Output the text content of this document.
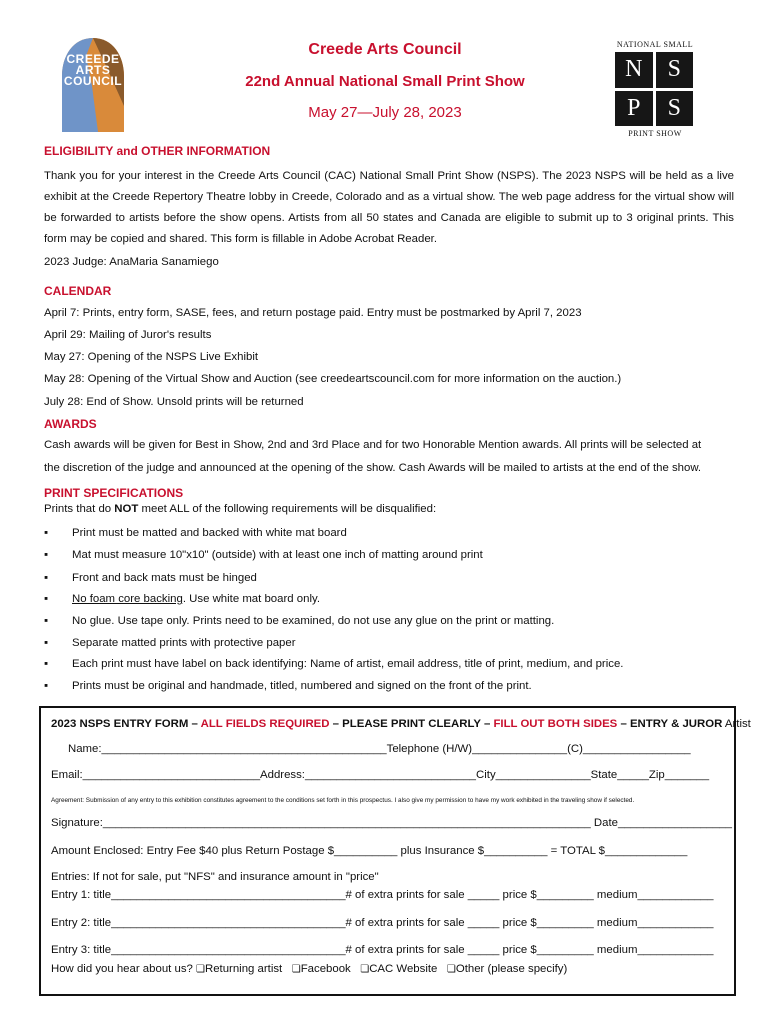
CREEDE
ARTS
COUNCIL
NATIONAL SMALL
N	S
P	S
PRINT SHOW
Creede Arts Council
22nd Annual National Small Print Show
May 27—July 28, 2023
ELIGIBILITY and OTHER INFORMATION
Thank you for your interest in the Creede Arts Council (CAC) National Small Print Show (NSPS). The 2023 NSPS will be held as a live exhibit at the Creede Repertory Theatre lobby in Creede, Colorado and as a virtual show. The web page address for the virtual show will be forwarded to artists before the show opens. Artists from all 50 states and Canada are eligible to submit up to 3 original prints. This form may be copied and shared. This form is fillable in Adobe Acrobat Reader.
2023 Judge: AnaMaria Sanamiego
CALENDAR
April 7: Prints, entry form, SASE, fees, and return postage paid. Entry must be postmarked by April 7, 2023
April 29: Mailing of Juror's results
May 27: Opening of the NSPS Live Exhibit
May 28: Opening of the Virtual Show and Auction (see creedeartscouncil.com for more information on the auction.)
July 28: End of Show. Unsold prints will be returned
AWARDS
Cash awards will be given for Best in Show, 2nd and 3rd Place and for two Honorable Mention awards. All prints will be selected at
the discretion of the judge and announced at the opening of the show. Cash Awards will be mailed to artists at the end of the show.
PRINT SPECIFICATIONS
Prints that do NOT meet ALL of the following requirements will be disqualified:
▪ Print must be matted and backed with white mat board
▪ Mat must measure 10"x10" (outside) with at least one inch of matting around print
▪ Front and back mats must be hinged
▪ No foam core backing. Use white mat board only.
▪ No glue. Use tape only. Prints need to be examined, do not use any glue on the print or matting.
▪ Separate matted prints with protective paper
▪ Each print must have label on back identifying: Name of artist, email address, title of print, medium, and price.
▪ Prints must be original and handmade, titled, numbered and signed on the front of the print.
2023 NSPS ENTRY FORM – ALL FIELDS REQUIRED – PLEASE PRINT CLEARLY – FILL OUT BOTH SIDES – ENTRY & JUROR Artist
Name:_____________________________________________Telephone (H/W)_______________(C)_________________
Email:____________________________Address:___________________________City_______________State_____Zip_______
Agreement: Submission of any entry to this exhibition constitutes agreement to the conditions set forth in this prospectus. I also give my permission to have my work exhibited in the traveling show if selected.
Signature:_____________________________________________________________________________ Date__________________
Amount Enclosed: Entry Fee $40 plus Return Postage $__________ plus Insurance $__________ = TOTAL $_____________
Entries: If not for sale, put "NFS" and insurance amount in "price"
Entry 1: title_____________________________________# of extra prints for sale _____ price $_________ medium____________
Entry 2: title_____________________________________# of extra prints for sale _____ price $_________ medium____________
Entry 3: title_____________________________________# of extra prints for sale _____ price $_________ medium____________
How did you hear about us? ❏Returning artist ❏Facebook ❏CAC Website ❏Other (please specify)
